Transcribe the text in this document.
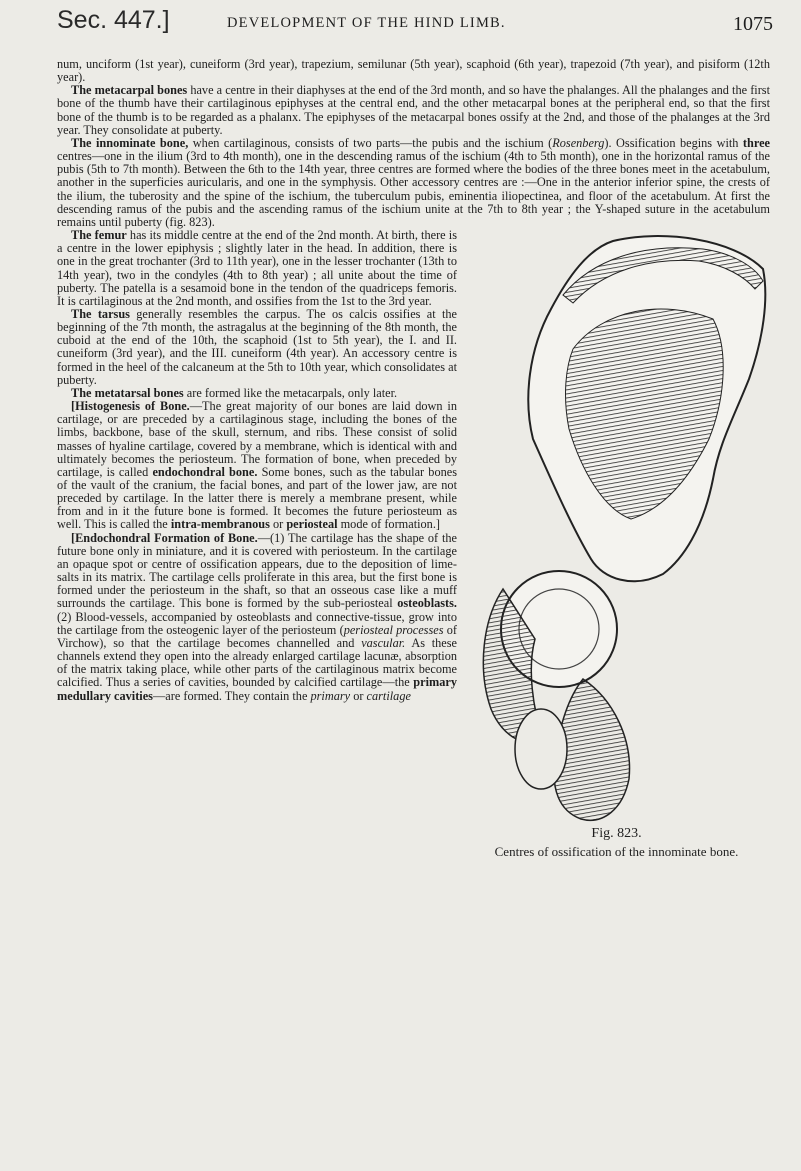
Sec. 447.]	DEVELOPMENT OF THE HIND LIMB.	1075

num, unciform (1st year), cuneiform (3rd year), trapezium, semilunar (5th year), scaphoid (6th year), trapezoid (7th year), and pisiform (12th year).

The metacarpal bones have a centre in their diaphyses at the end of the 3rd month, and so have the phalanges. All the phalanges and the first bone of the thumb have their cartilaginous epiphyses at the central end, and the other metacarpal bones at the peripheral end, so that the first bone of the thumb is to be regarded as a phalanx. The epiphyses of the metacarpal bones ossify at the 2nd, and those of the phalanges at the 3rd year. They consolidate at puberty.

The innominate bone, when cartilaginous, consists of two parts—the pubis and the ischium (Rosenberg). Ossification begins with three centres—one in the ilium (3rd to 4th month), one in the descending ramus of the ischium (4th to 5th month), one in the horizontal ramus of the pubis (5th to 7th month). Between the 6th to the 14th year, three centres are formed where the bodies of the three bones meet in the acetabulum, another in the superficies auricularis, and one in the symphysis. Other accessory centres are :—One in the anterior inferior spine, the crests of the ilium, the tuberosity and the spine of the ischium, the tuberculum pubis, eminentia iliopectinea, and floor of the acetabulum. At first the descending ramus of the pubis and the ascending ramus of the ischium unite at the 7th to 8th year ; the Y-shaped suture in the acetabulum remains until puberty (fig. 823).

Fig. 823.
Centres of ossification of the innominate bone.

The femur has its middle centre at the end of the 2nd month. At birth, there is a centre in the lower epiphysis ; slightly later in the head. In addition, there is one in the great trochanter (3rd to 11th year), one in the lesser trochanter (13th to 14th year), two in the condyles (4th to 8th year) ; all unite about the time of puberty. The patella is a sesamoid bone in the tendon of the quadriceps femoris. It is cartilaginous at the 2nd month, and ossifies from the 1st to the 3rd year.

The tarsus generally resembles the carpus. The os calcis ossifies at the beginning of the 7th month, the astragalus at the beginning of the 8th month, the cuboid at the end of the 10th, the scaphoid (1st to 5th year), the I. and II. cuneiform (3rd year), and the III. cuneiform (4th year). An accessory centre is formed in the heel of the calcaneum at the 5th to 10th year, which consolidates at puberty.

The metatarsal bones are formed like the metacarpals, only later.

[Histogenesis of Bone.—The great majority of our bones are laid down in cartilage, or are preceded by a cartilaginous stage, including the bones of the limbs, backbone, base of the skull, sternum, and ribs. These consist of solid masses of hyaline cartilage, covered by a membrane, which is identical with and ultimately becomes the periosteum. The formation of bone, when preceded by cartilage, is called endochondral bone. Some bones, such as the tabular bones of the vault of the cranium, the facial bones, and part of the lower jaw, are not preceded by cartilage. In the latter there is merely a membrane present, while from and in it the future bone is formed. It becomes the future periosteum as well. This is called the intra-membranous or periosteal mode of formation.]

[Endochondral Formation of Bone.—(1) The cartilage has the shape of the future bone only in miniature, and it is covered with periosteum. In the cartilage an opaque spot or centre of ossification appears, due to the deposition of lime-salts in its matrix. The cartilage cells proliferate in this area, but the first bone is formed under the periosteum in the shaft, so that an osseous case like a muff surrounds the cartilage. This bone is formed by the sub-periosteal osteoblasts. (2) Blood-vessels, accompanied by osteoblasts and connective-tissue, grow into the cartilage from the osteogenic layer of the periosteum (periosteal processes of Virchow), so that the cartilage becomes channelled and vascular. As these channels extend they open into the already enlarged cartilage lacunæ, absorption of the matrix taking place, while other parts of the cartilaginous matrix become calcified. Thus a series of cavities, bounded by calcified cartilage—the primary medullary cavities—are formed. They contain the primary or cartilage
